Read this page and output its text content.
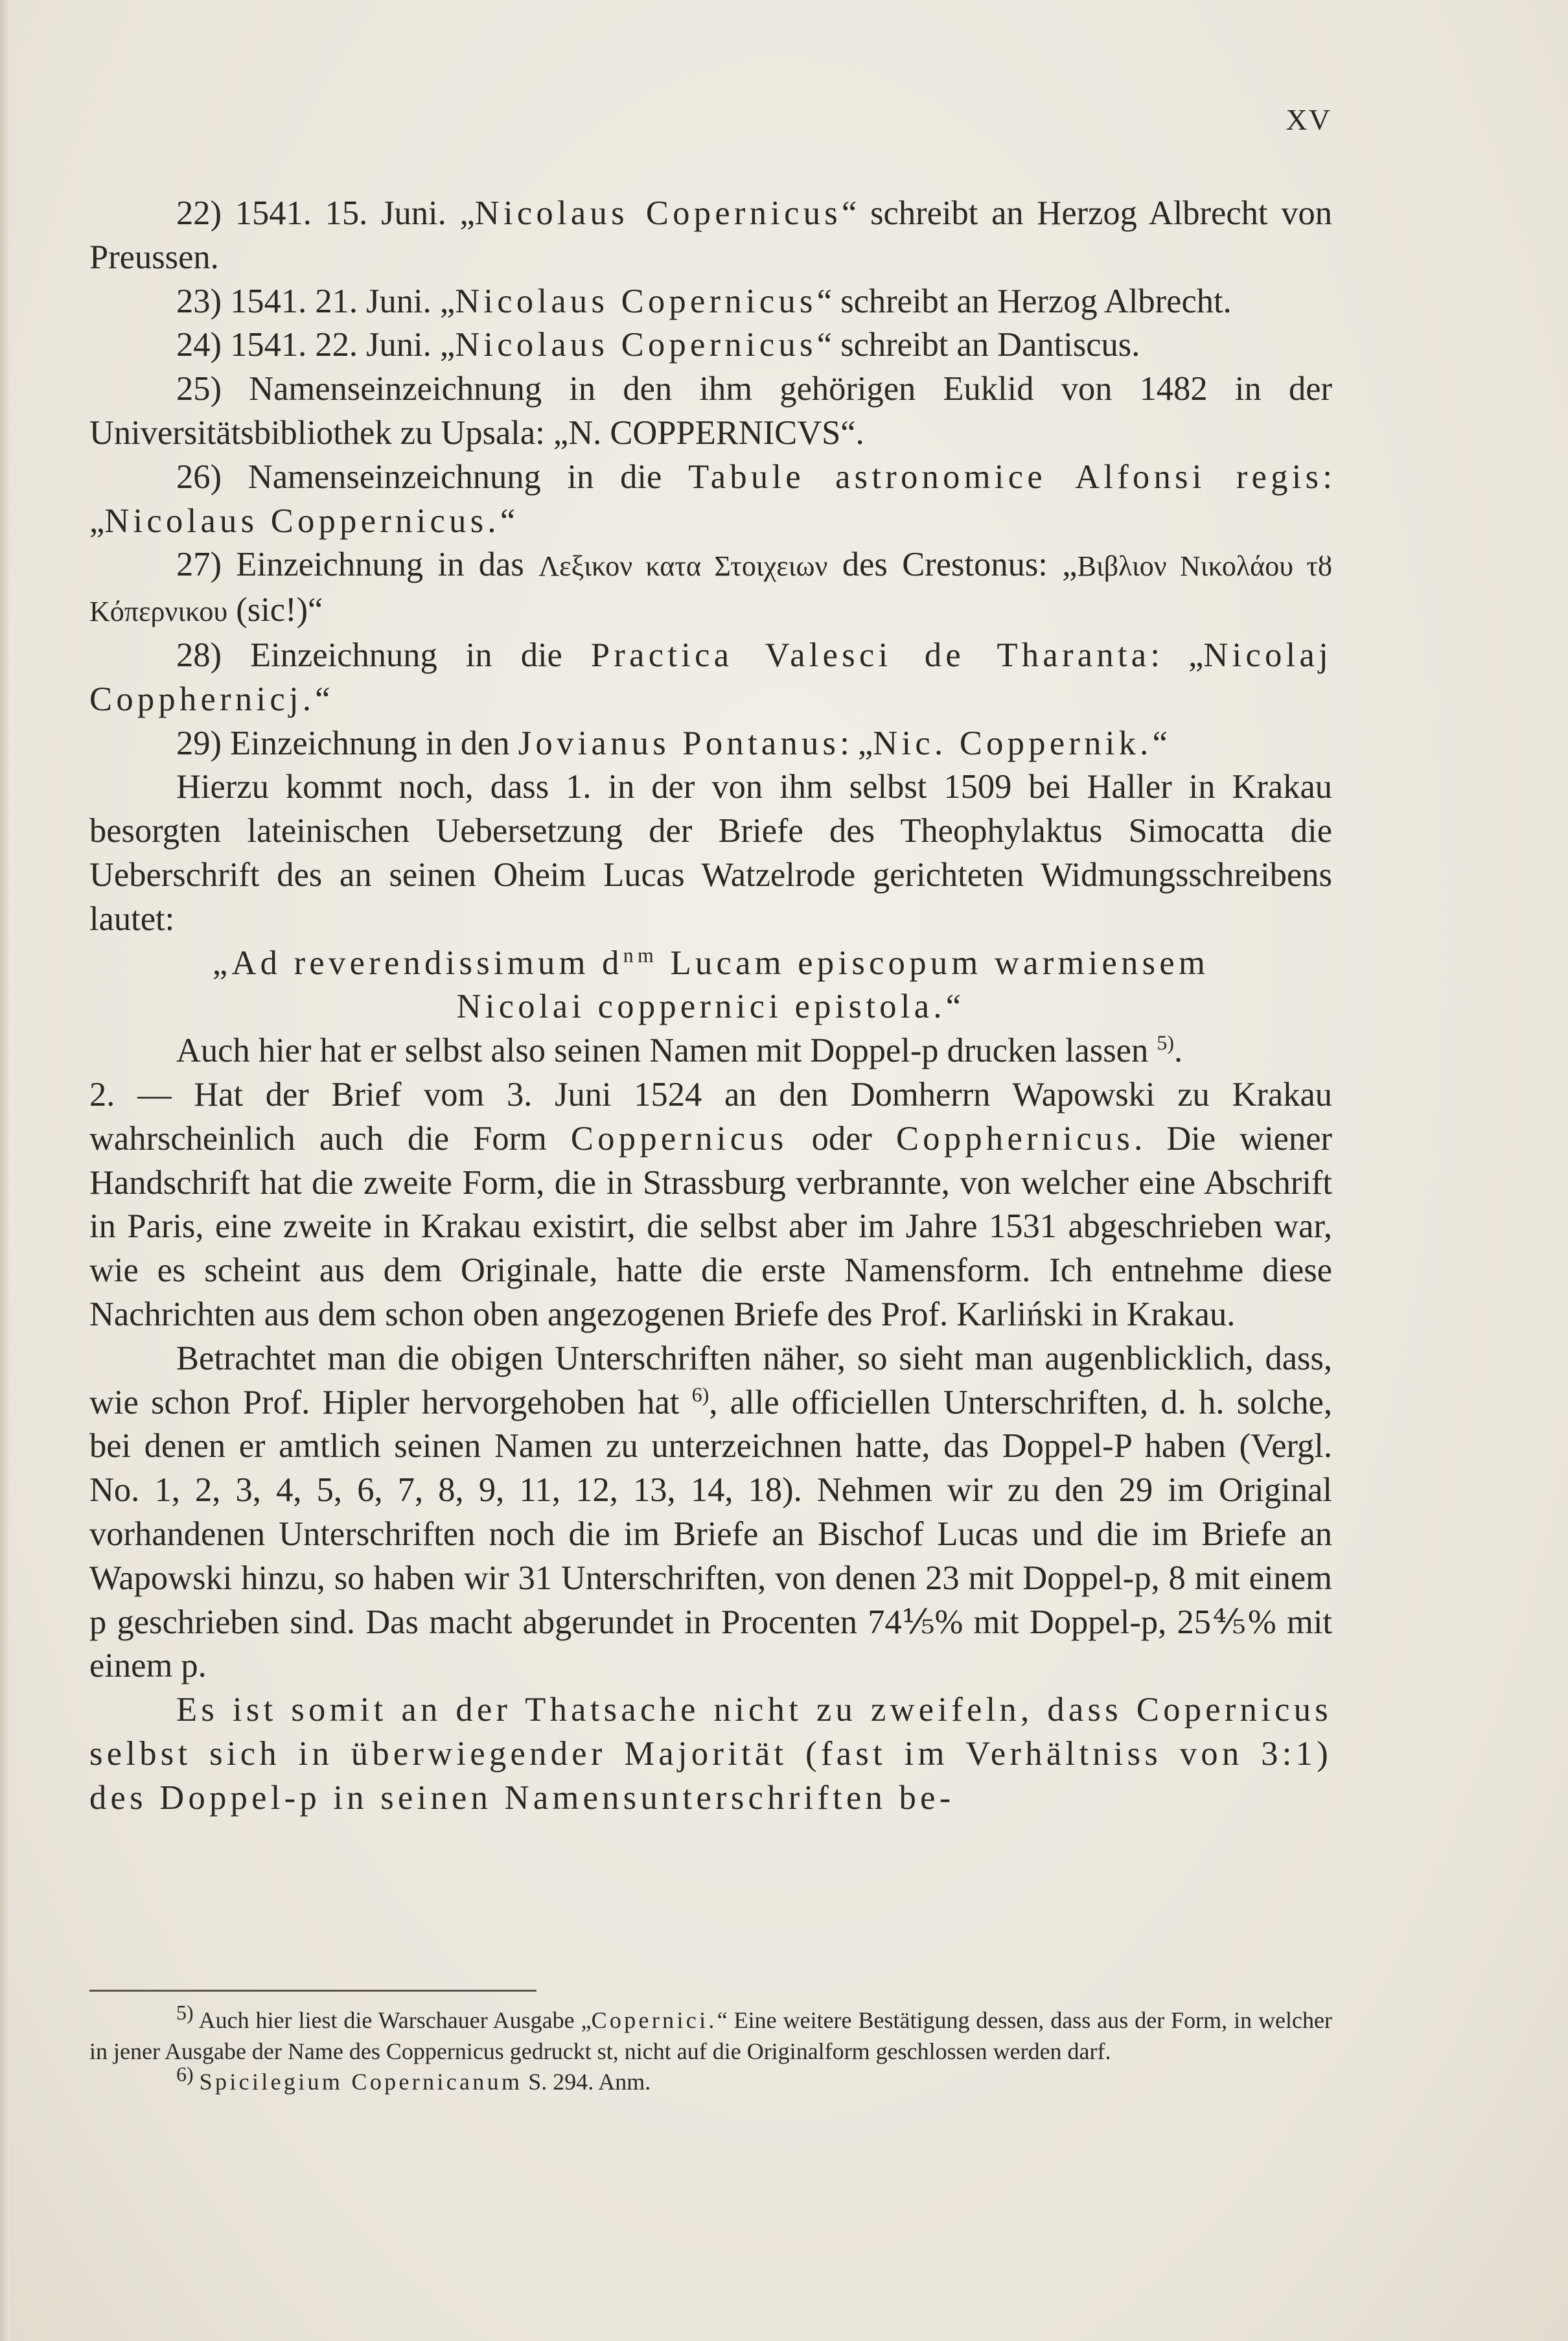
XV

22) 1541. 15. Juni. „Nicolaus Copernicus“ schreibt an Herzog Albrecht von Preussen.

23) 1541. 21. Juni. „Nicolaus Copernicus“ schreibt an Herzog Albrecht.

24) 1541. 22. Juni. „Nicolaus Copernicus“ schreibt an Dantiscus.

25) Namenseinzeichnung in den ihm gehörigen Euklid von 1482 in der Universitätsbibliothek zu Upsala: „N. COPPERNICVS“.

26) Namenseinzeichnung in die Tabule astronomice Alfonsi regis: „Nicolaus Coppernicus.“

27) Einzeichnung in das Λεξικον κατα Στοιχειων des Crestonus: „Βιβλιον Νικολάου τȣ Κόπερνικου (sic!)“

28) Einzeichnung in die Practica Valesci de Tharanta: „Nicolaj Copphernicj.“

29) Einzeichnung in den Jovianus Pontanus: „Nic. Coppernik.“

Hierzu kommt noch, dass 1. in der von ihm selbst 1509 bei Haller in Krakau besorgten lateinischen Uebersetzung der Briefe des Theophylaktus Simocatta die Ueberschrift des an seinen Oheim Lucas Watzelrode gerichteten Widmungsschreibens lautet:

„Ad reverendissimum $d^{nm}$ Lucam episcopum warmiensem

Nicolai coppernici epistola.“

Auch hier hat er selbst also seinen Namen mit Doppel-p drucken lassen $^{5)}$.

2. — Hat der Brief vom 3. Juni 1524 an den Domherrn Wapowski zu Krakau wahrscheinlich auch die Form Coppernicus oder Copphernicus. Die wiener Handschrift hat die zweite Form, die in Strassburg verbrannte, von welcher eine Abschrift in Paris, eine zweite in Krakau existirt, die selbst aber im Jahre 1531 abgeschrieben war, wie es scheint aus dem Originale, hatte die erste Namensform. Ich entnehme diese Nachrichten aus dem schon oben angezogenen Briefe des Prof. Karliński in Krakau.

Betrachtet man die obigen Unterschriften näher, so sieht man augenblicklich, dass, wie schon Prof. Hipler hervorgehoben hat $^{6)}$, alle officiellen Unterschriften, d. h. solche, bei denen er amtlich seinen Namen zu unterzeichnen hatte, das Doppel-P haben (Vergl. No. 1, 2, 3, 4, 5, 6, 7, 8, 9, 11, 12, 13, 14, 18). Nehmen wir zu den 29 im Original vorhandenen Unterschriften noch die im Briefe an Bischof Lucas und die im Briefe an Wapowski hinzu, so haben wir 31 Unterschriften, von denen 23 mit Doppel-p, 8 mit einem p geschrieben sind. Das macht abgerundet in Procenten 74⅕% mit Doppel-p, 25⅘% mit einem p.

Es ist somit an der Thatsache nicht zu zweifeln, dass Copernicus selbst sich in überwiegender Majorität (fast im Verhältniss von 3:1) des Doppel-p in seinen Namensunterschriften be-

$^{5)}$ Auch hier liest die Warschauer Ausgabe „Copernici.“ Eine weitere Bestätigung dessen, dass aus der Form, in welcher in jener Ausgabe der Name des Coppernicus gedruckt st, nicht auf die Originalform geschlossen werden darf.

$^{6)}$ Spicilegium Copernicanum S. 294. Anm.
